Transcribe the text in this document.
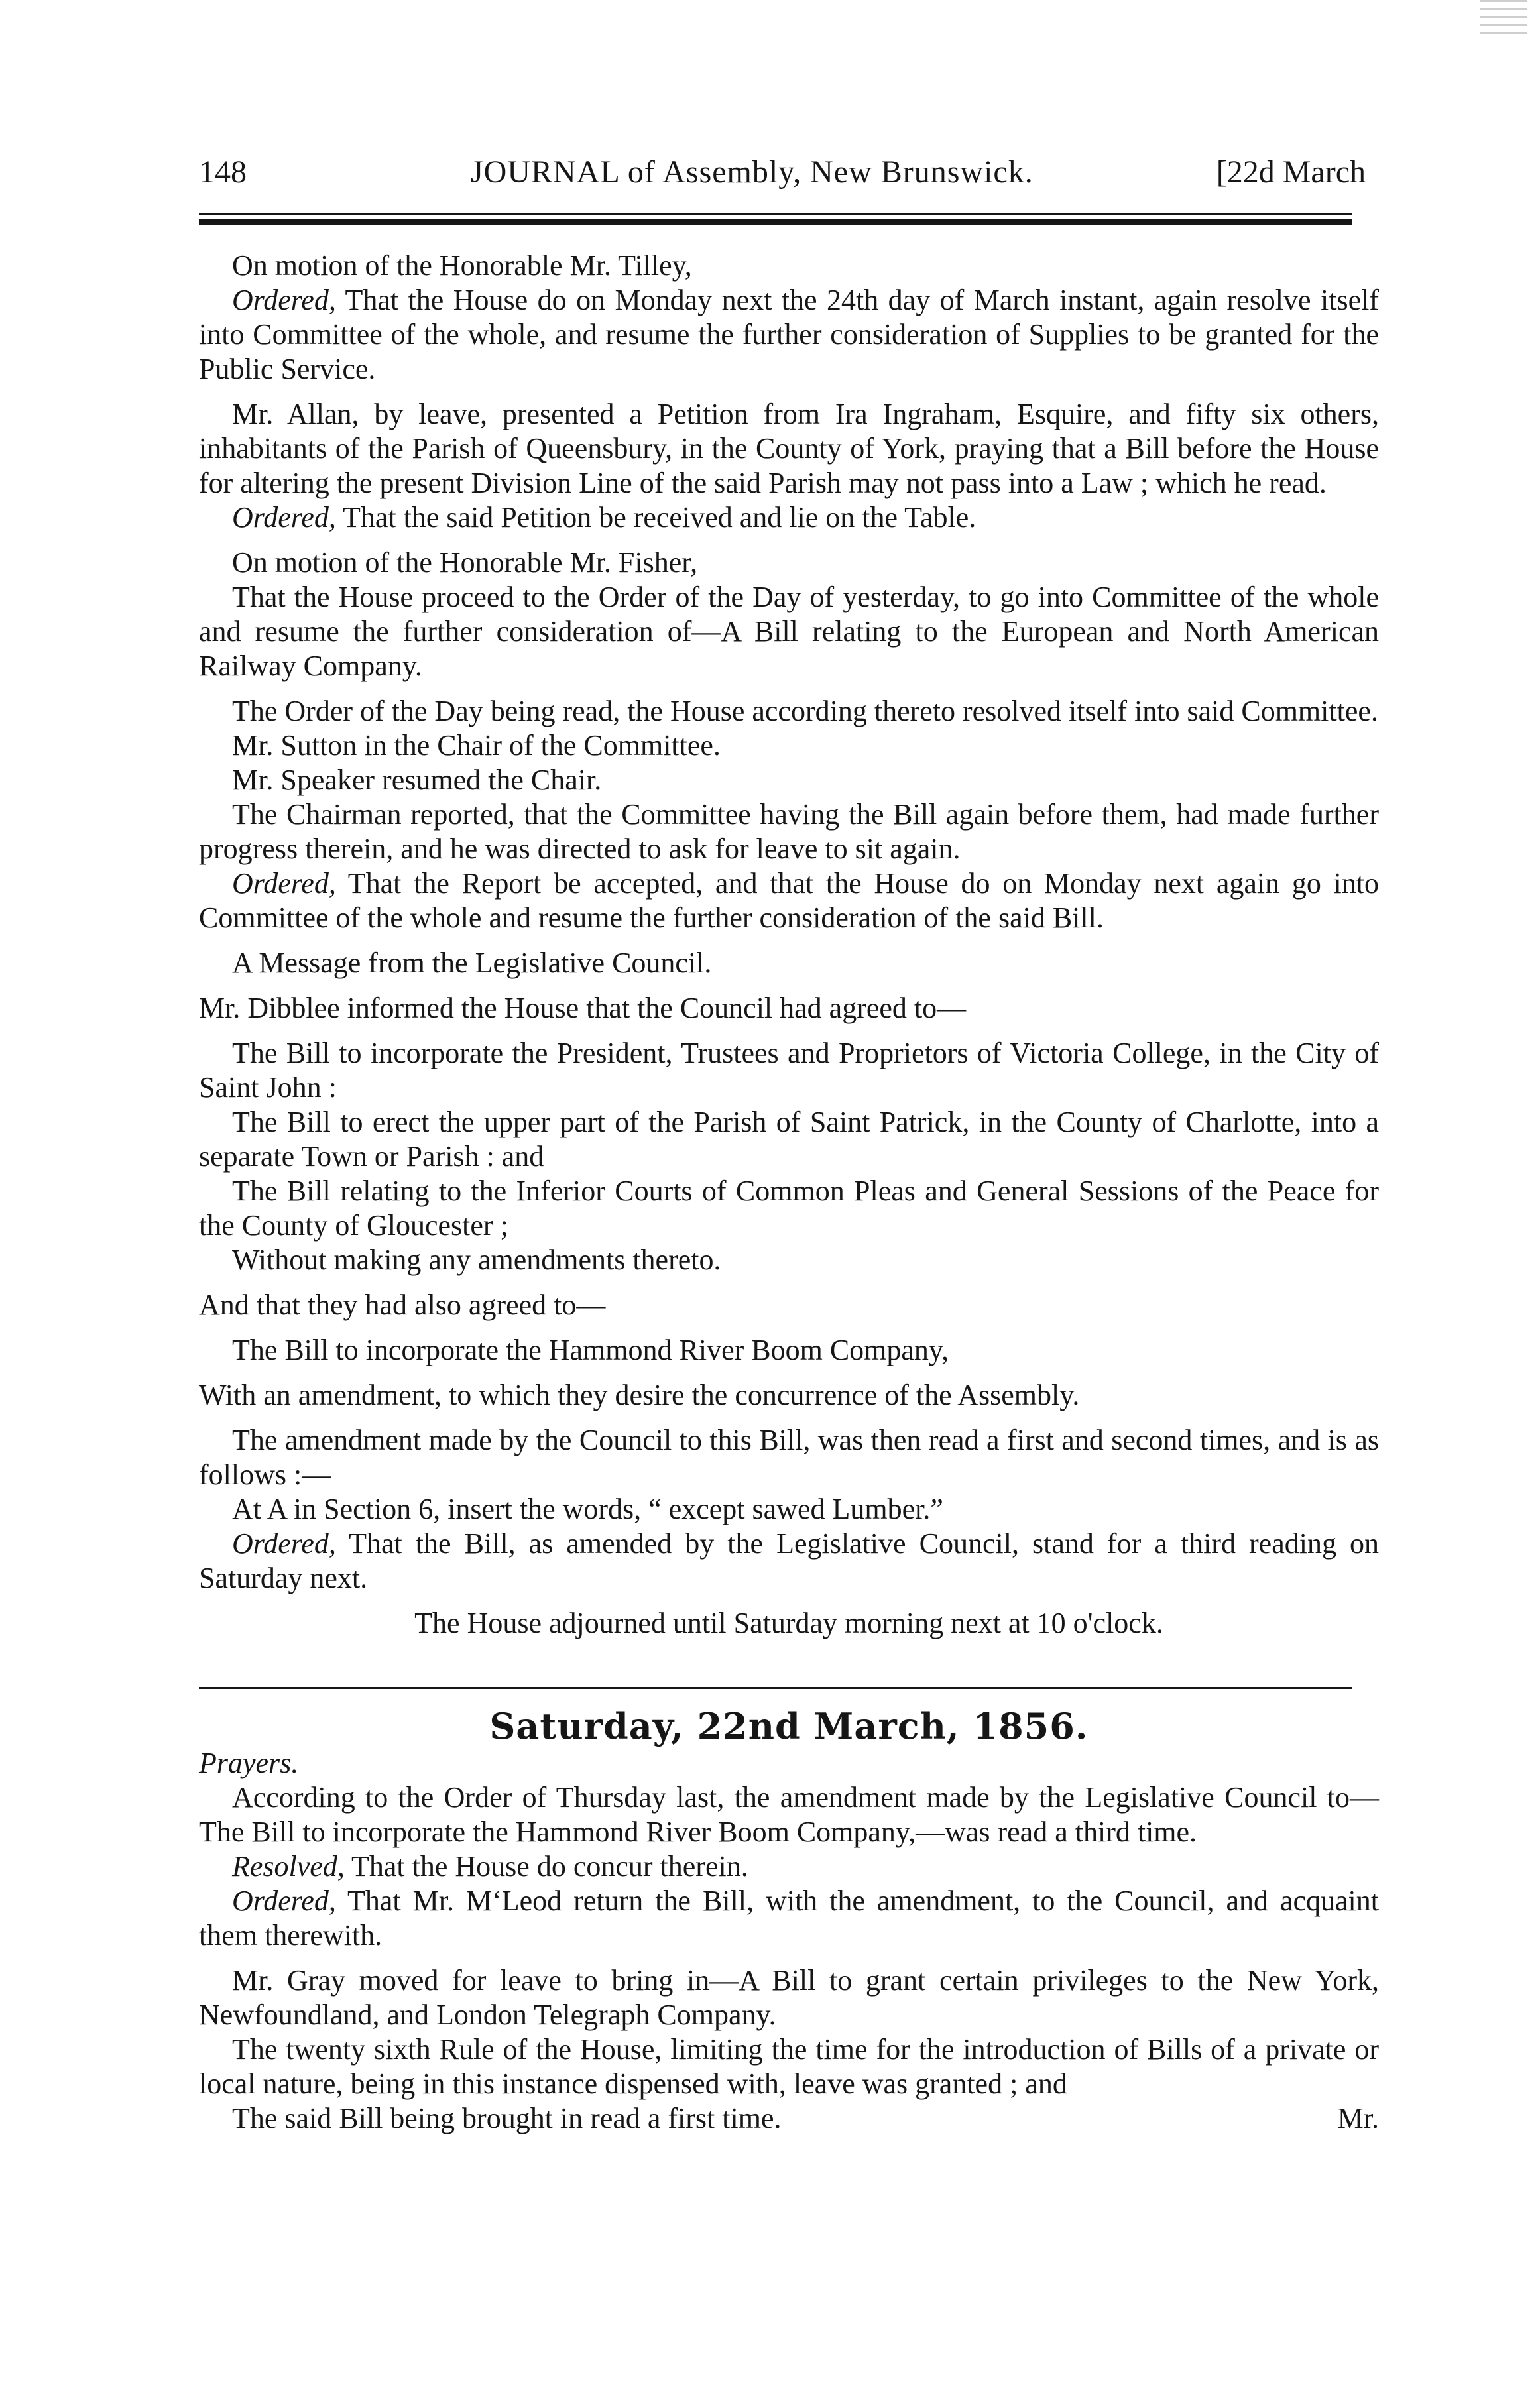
148	JOURNAL of Assembly, New Brunswick.	[22d March

On motion of the Honorable Mr. Tilley,

Ordered, That the House do on Monday next the 24th day of March instant, again resolve itself into Committee of the whole, and resume the further consideration of Supplies to be granted for the Public Service.

Mr. Allan, by leave, presented a Petition from Ira Ingraham, Esquire, and fifty six others, inhabitants of the Parish of Queensbury, in the County of York, praying that a Bill before the House for altering the present Division Line of the said Parish may not pass into a Law ; which he read.

Ordered, That the said Petition be received and lie on the Table.

On motion of the Honorable Mr. Fisher,

That the House proceed to the Order of the Day of yesterday, to go into Committee of the whole and resume the further consideration of—A Bill relating to the European and North American Railway Company.

The Order of the Day being read, the House according thereto resolved itself into said Committee.

Mr. Sutton in the Chair of the Committee.

Mr. Speaker resumed the Chair.

The Chairman reported, that the Committee having the Bill again before them, had made further progress therein, and he was directed to ask for leave to sit again.

Ordered, That the Report be accepted, and that the House do on Monday next again go into Committee of the whole and resume the further consideration of the said Bill.

A Message from the Legislative Council.

Mr. Dibblee informed the House that the Council had agreed to—

The Bill to incorporate the President, Trustees and Proprietors of Victoria College, in the City of Saint John :

The Bill to erect the upper part of the Parish of Saint Patrick, in the County of Charlotte, into a separate Town or Parish : and

The Bill relating to the Inferior Courts of Common Pleas and General Sessions of the Peace for the County of Gloucester ;

Without making any amendments thereto.

And that they had also agreed to—

The Bill to incorporate the Hammond River Boom Company,

With an amendment, to which they desire the concurrence of the Assembly.

The amendment made by the Council to this Bill, was then read a first and second times, and is as follows :—

At A in Section 6, insert the words, “ except sawed Lumber.”

Ordered, That the Bill, as amended by the Legislative Council, stand for a third reading on Saturday next.

The House adjourned until Saturday morning next at 10 o'clock.

Saturday, 22nd March, 1856.

Prayers.

According to the Order of Thursday last, the amendment made by the Legislative Council to—The Bill to incorporate the Hammond River Boom Company,—was read a third time.

Resolved, That the House do concur therein.

Ordered, That Mr. M‘Leod return the Bill, with the amendment, to the Council, and acquaint them therewith.

Mr. Gray moved for leave to bring in—A Bill to grant certain privileges to the New York, Newfoundland, and London Telegraph Company.

The twenty sixth Rule of the House, limiting the time for the introduction of Bills of a private or local nature, being in this instance dispensed with, leave was granted ; and

The said Bill being brought in read a first time.	Mr.
